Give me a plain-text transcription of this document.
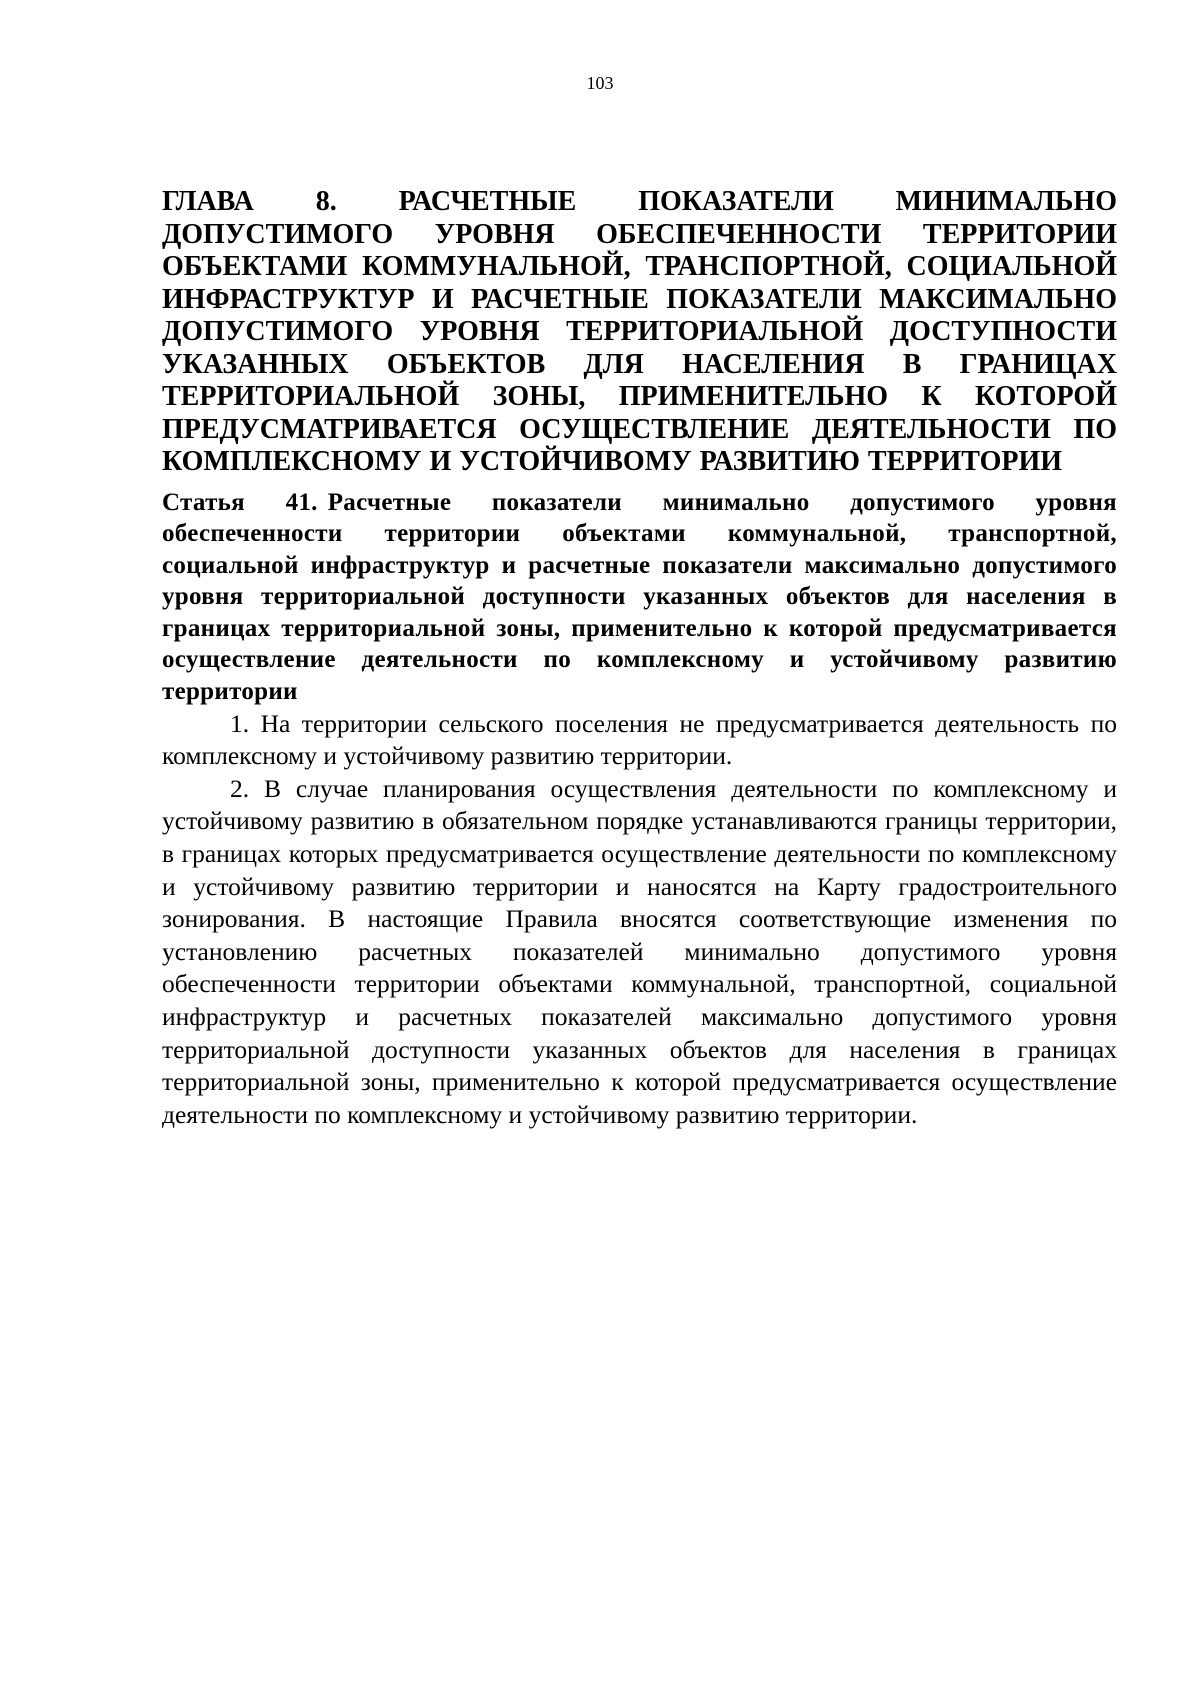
103
ГЛАВА 8. РАСЧЕТНЫЕ ПОКАЗАТЕЛИ МИНИМАЛЬНО ДОПУСТИМОГО УРОВНЯ ОБЕСПЕЧЕННОСТИ ТЕРРИТОРИИ ОБЪЕКТАМИ КОММУНАЛЬНОЙ, ТРАНСПОРТНОЙ, СОЦИАЛЬНОЙ ИНФРАСТРУКТУР И РАСЧЕТНЫЕ ПОКАЗАТЕЛИ МАКСИМАЛЬНО ДОПУСТИМОГО УРОВНЯ ТЕРРИТОРИАЛЬНОЙ ДОСТУПНОСТИ УКАЗАННЫХ ОБЪЕКТОВ ДЛЯ НАСЕЛЕНИЯ В ГРАНИЦАХ ТЕРРИТОРИАЛЬНОЙ ЗОНЫ, ПРИМЕНИТЕЛЬНО К КОТОРОЙ ПРЕДУСМАТРИВАЕТСЯ ОСУЩЕСТВЛЕНИЕ ДЕЯТЕЛЬНОСТИ ПО КОМПЛЕКСНОМУ И УСТОЙЧИВОМУ РАЗВИТИЮ ТЕРРИТОРИИ
Статья 41. Расчетные показатели минимально допустимого уровня обеспеченности территории объектами коммунальной, транспортной, социальной инфраструктур и расчетные показатели максимально допустимого уровня территориальной доступности указанных объектов для населения в границах территориальной зоны, применительно к которой предусматривается осуществление деятельности по комплексному и устойчивому развитию территории

1. На территории сельского поселения не предусматривается деятельность по комплексному и устойчивому развитию территории.

2. В случае планирования осуществления деятельности по комплексному и устойчивому развитию в обязательном порядке устанавливаются границы территории, в границах которых предусматривается осуществление деятельности по комплексному и устойчивому развитию территории и наносятся на Карту градостроительного зонирования. В настоящие Правила вносятся соответствующие изменения по установлению расчетных показателей минимально допустимого уровня обеспеченности территории объектами коммунальной, транспортной, социальной инфраструктур и расчетных показателей максимально допустимого уровня территориальной доступности указанных объектов для населения в границах территориальной зоны, применительно к которой предусматривается осуществление деятельности по комплексному и устойчивому развитию территории.
